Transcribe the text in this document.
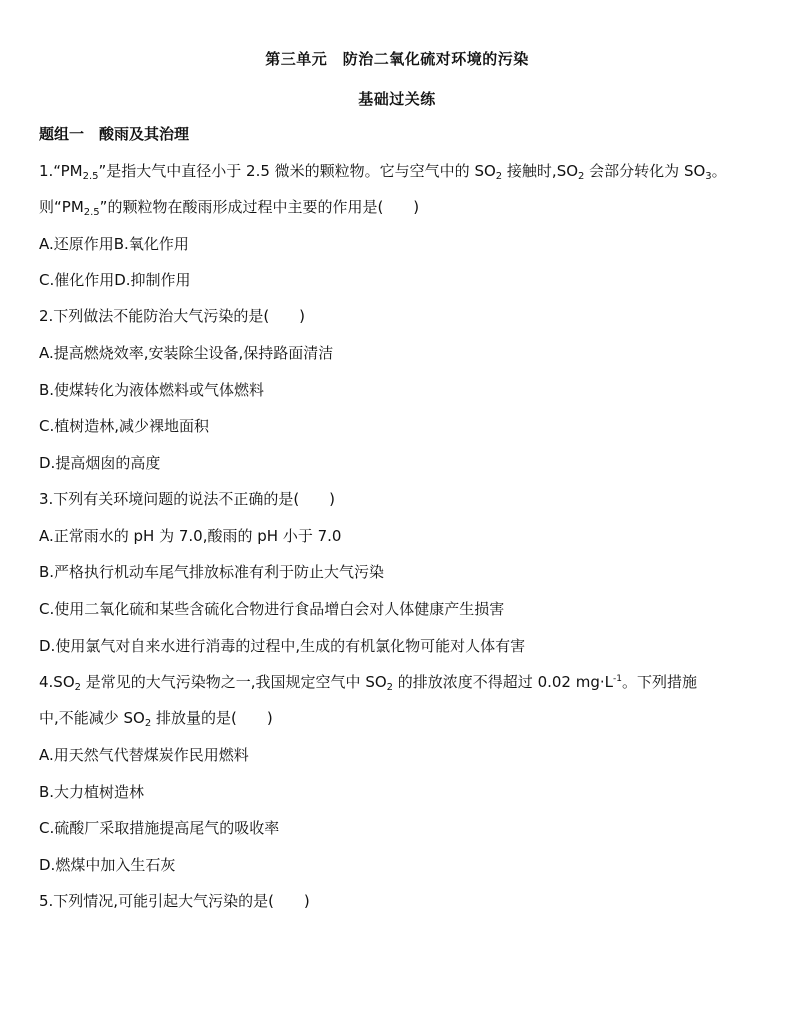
第三单元　防治二氧化硫对环境的污染
基础过关练
题组一　酸雨及其治理
$1.“PM_{2.5}$”是指大气中直径小于 2.5 微米的颗粒物。它与空气中的 $SO_2$ 接触时$,SO_2$ 会部分转化为 $SO_3$。
则“$PM_{2.5}$”的颗粒物在酸雨形成过程中主要的作用是(　　)
A.还原作用B.氧化作用
C.催化作用D.抑制作用
2.下列做法不能防治大气污染的是(　　)
A.提高燃烧效率,安装除尘设备,保持路面清洁
B.使煤转化为液体燃料或气体燃料
C.植树造林,减少裸地面积
D.提高烟囱的高度
3.下列有关环境问题的说法不正确的是(　　)
A.正常雨水的 pH 为 7.0,酸雨的 pH 小于 7.0
B.严格执行机动车尾气排放标准有利于防止大气污染
C.使用二氧化硫和某些含硫化合物进行食品增白会对人体健康产生损害
D.使用氯气对自来水进行消毒的过程中,生成的有机氯化物可能对人体有害
$4.SO_2$ 是常见的大气污染物之一,我国规定空气中 $SO_2$ 的排放浓度不得超过 0.02 $mg\cdot L^{-1}$。下列措施
中,不能减少 $SO_2$ 排放量的是(　　)
A.用天然气代替煤炭作民用燃料
B.大力植树造林
C.硫酸厂采取措施提高尾气的吸收率
D.燃煤中加入生石灰
5.下列情况,可能引起大气污染的是(　　)
